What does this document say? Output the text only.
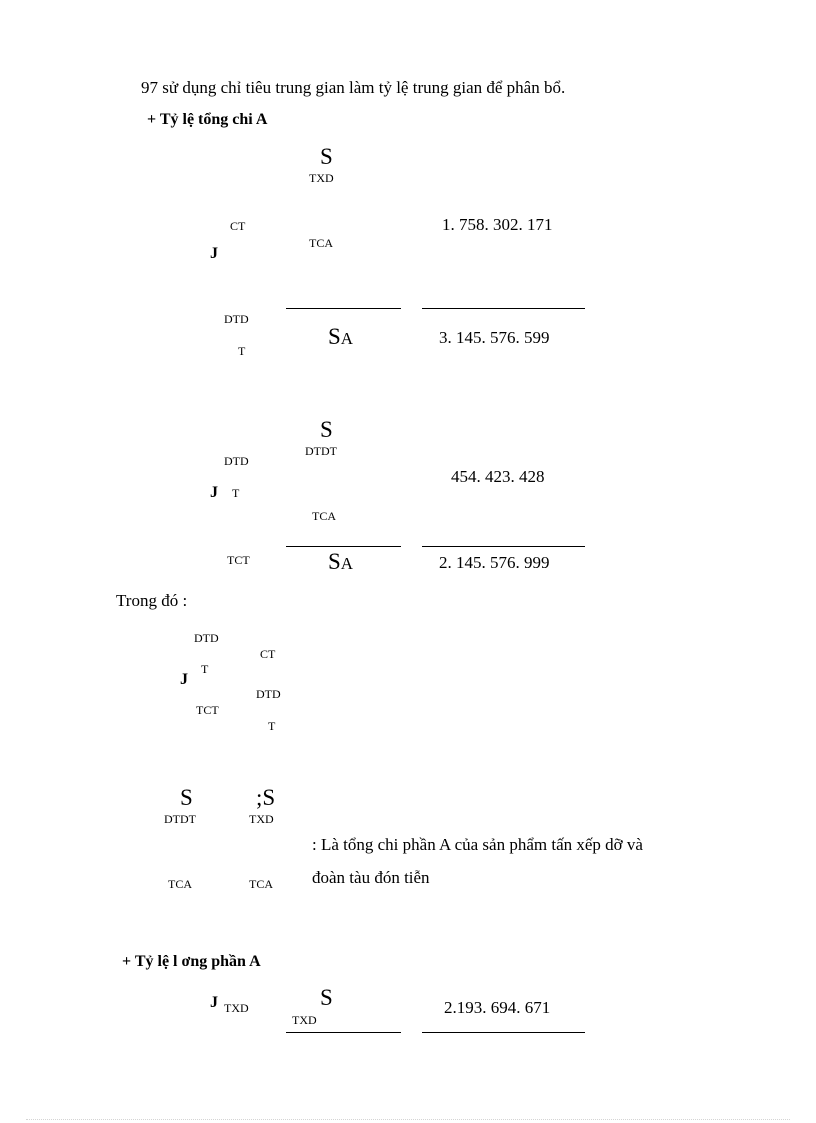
97 sử dụng chỉ tiêu trung gian làm tỷ lệ trung gian để phân bổ.
+ Tỷ lệ tổng chi A
S
TXD
CT
J
TCA
1. 758. 302. 171
DTD
T
SA	3. 145. 576. 599
S
DTDT
DTD
J T
454. 423. 428
TCA
TCT	SA	2. 145. 576. 999
Trong đó :
DTD
CT
J
T
DTD
TCT
T
S	;S
DTDT	TXD
: Là tổng chi phần A của sản phẩm tấn xếp dỡ và
TCA	TCA đoàn tàu đón tiễn
+ Tỷ lệ l ơng phần A
J TXD	S
TXD
2.193. 694. 671
